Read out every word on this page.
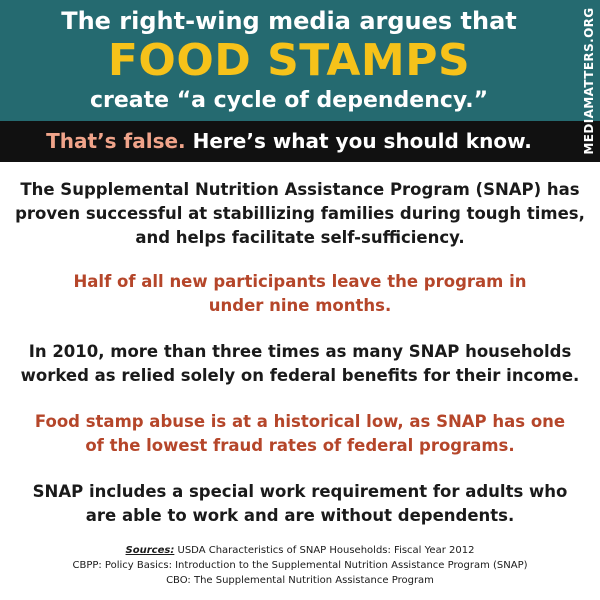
The right-wing media argues that
FOOD STAMPS
create “a cycle of dependency.”
That’s false. Here’s what you should know.	MEDIAMATTERS.ORG
The Supplemental Nutrition Assistance Program (SNAP) has
proven successful at stabillizing families during tough times,
and helps facilitate self-sufficiency.
Half of all new participants leave the program in
under nine months.
In 2010, more than three times as many SNAP households
worked as relied solely on federal benefits for their income.
Food stamp abuse is at a historical low, as SNAP has one
of the lowest fraud rates of federal programs.
SNAP includes a special work requirement for adults who
are able to work and are without dependents.
Sources: USDA Characteristics of SNAP Households: Fiscal Year 2012
CBPP: Policy Basics: Introduction to the Supplemental Nutrition Assistance Program (SNAP)
CBO: The Supplemental Nutrition Assistance Program
